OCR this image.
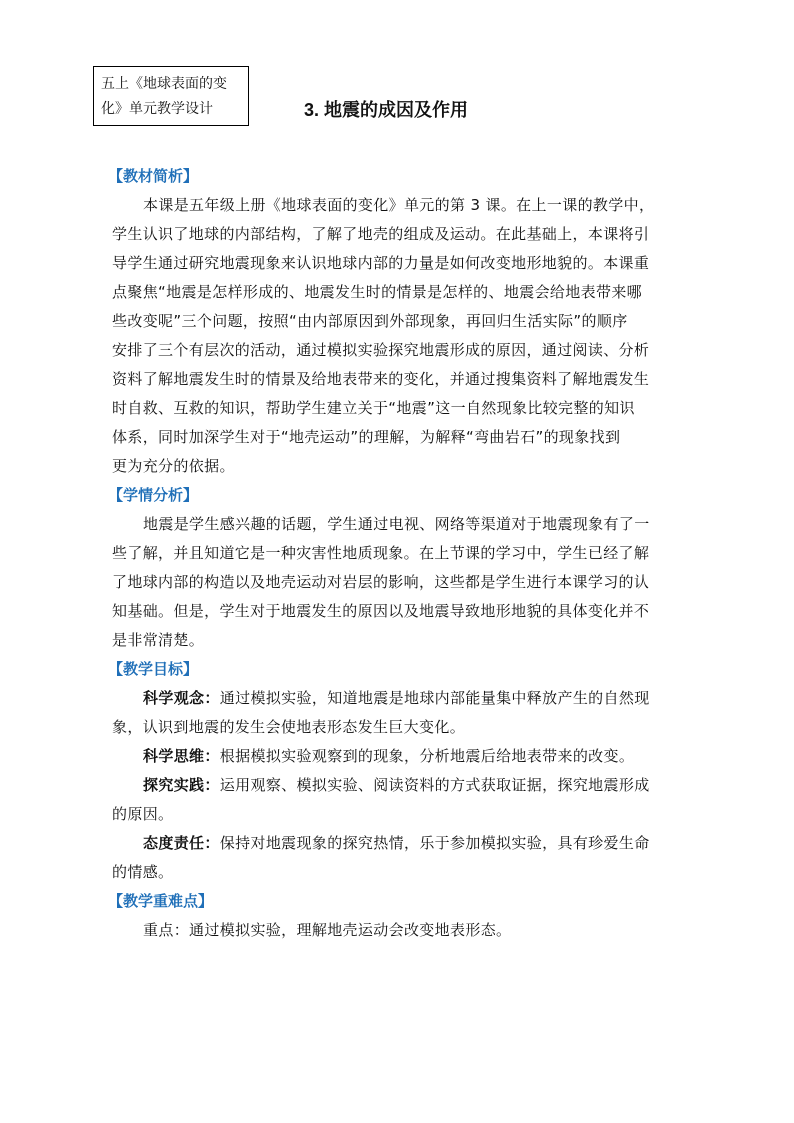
五上《地球表面的变
化》单元教学设计	3. 地震的成因及作用
【教材简析】

本课是五年级上册《地球表面的变化》单元的第 3 课。在上一课的教学中，
学生认识了地球的内部结构，了解了地壳的组成及运动。在此基础上，本课将引
导学生通过研究地震现象来认识地球内部的力量是如何改变地形地貌的。本课重
点聚焦“地震是怎样形成的、地震发生时的情景是怎样的、地震会给地表带来哪
些改变呢”三个问题，按照“由内部原因到外部现象，再回归生活实际”的顺序
安排了三个有层次的活动，通过模拟实验探究地震形成的原因，通过阅读、分析
资料了解地震发生时的情景及给地表带来的变化，并通过搜集资料了解地震发生
时自救、互救的知识，帮助学生建立关于“地震”这一自然现象比较完整的知识
体系，同时加深学生对于“地壳运动”的理解，为解释“弯曲岩石”的现象找到
更为充分的依据。

【学情分析】

地震是学生感兴趣的话题，学生通过电视、网络等渠道对于地震现象有了一
些了解，并且知道它是一种灾害性地质现象。在上节课的学习中，学生已经了解
了地球内部的构造以及地壳运动对岩层的影响，这些都是学生进行本课学习的认
知基础。但是，学生对于地震发生的原因以及地震导致地形地貌的具体变化并不
是非常清楚。

【教学目标】

科学观念：通过模拟实验，知道地震是地球内部能量集中释放产生的自然现
象，认识到地震的发生会使地表形态发生巨大变化。

科学思维：根据模拟实验观察到的现象，分析地震后给地表带来的改变。

探究实践：运用观察、模拟实验、阅读资料的方式获取证据，探究地震形成
的原因。

态度责任：保持对地震现象的探究热情，乐于参加模拟实验，具有珍爱生命
的情感。

【教学重难点】

重点：通过模拟实验，理解地壳运动会改变地表形态。
